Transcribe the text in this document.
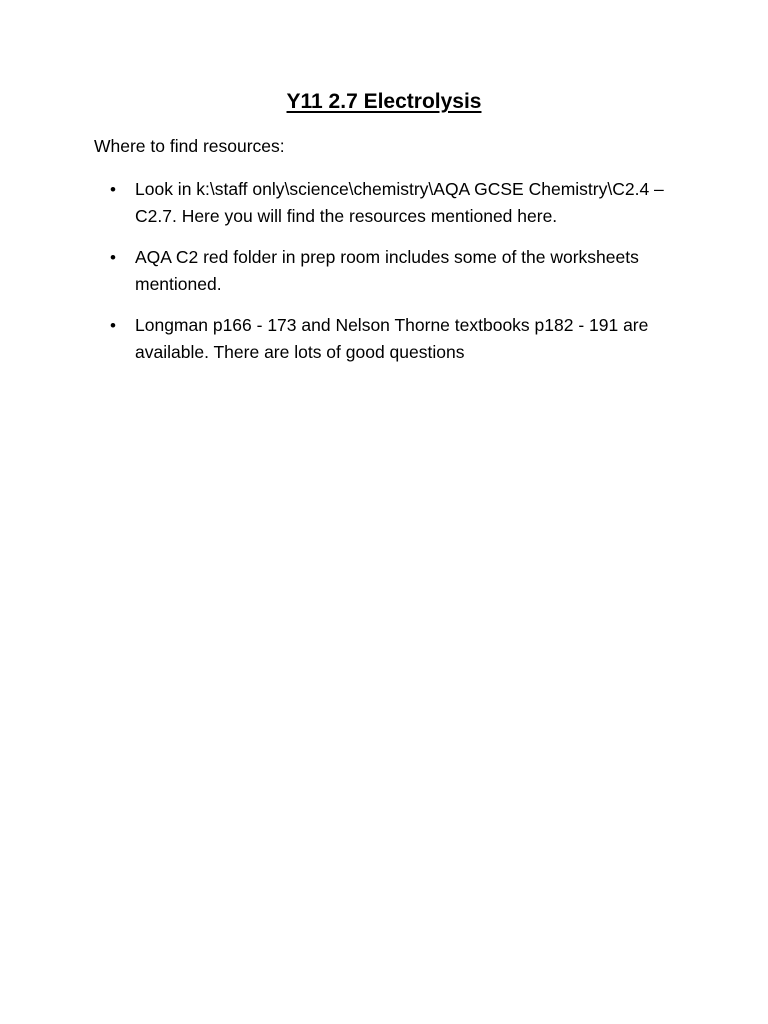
Y11 2.7 Electrolysis

Where to find resources:

• Look in k:\staff only\science\chemistry\AQA GCSE Chemistry\C2.4 – C2.7. Here you will find the resources mentioned here.
• AQA C2 red folder in prep room includes some of the worksheets mentioned.
• Longman p166 - 173 and Nelson Thorne textbooks p182 - 191 are available. There are lots of good questions
